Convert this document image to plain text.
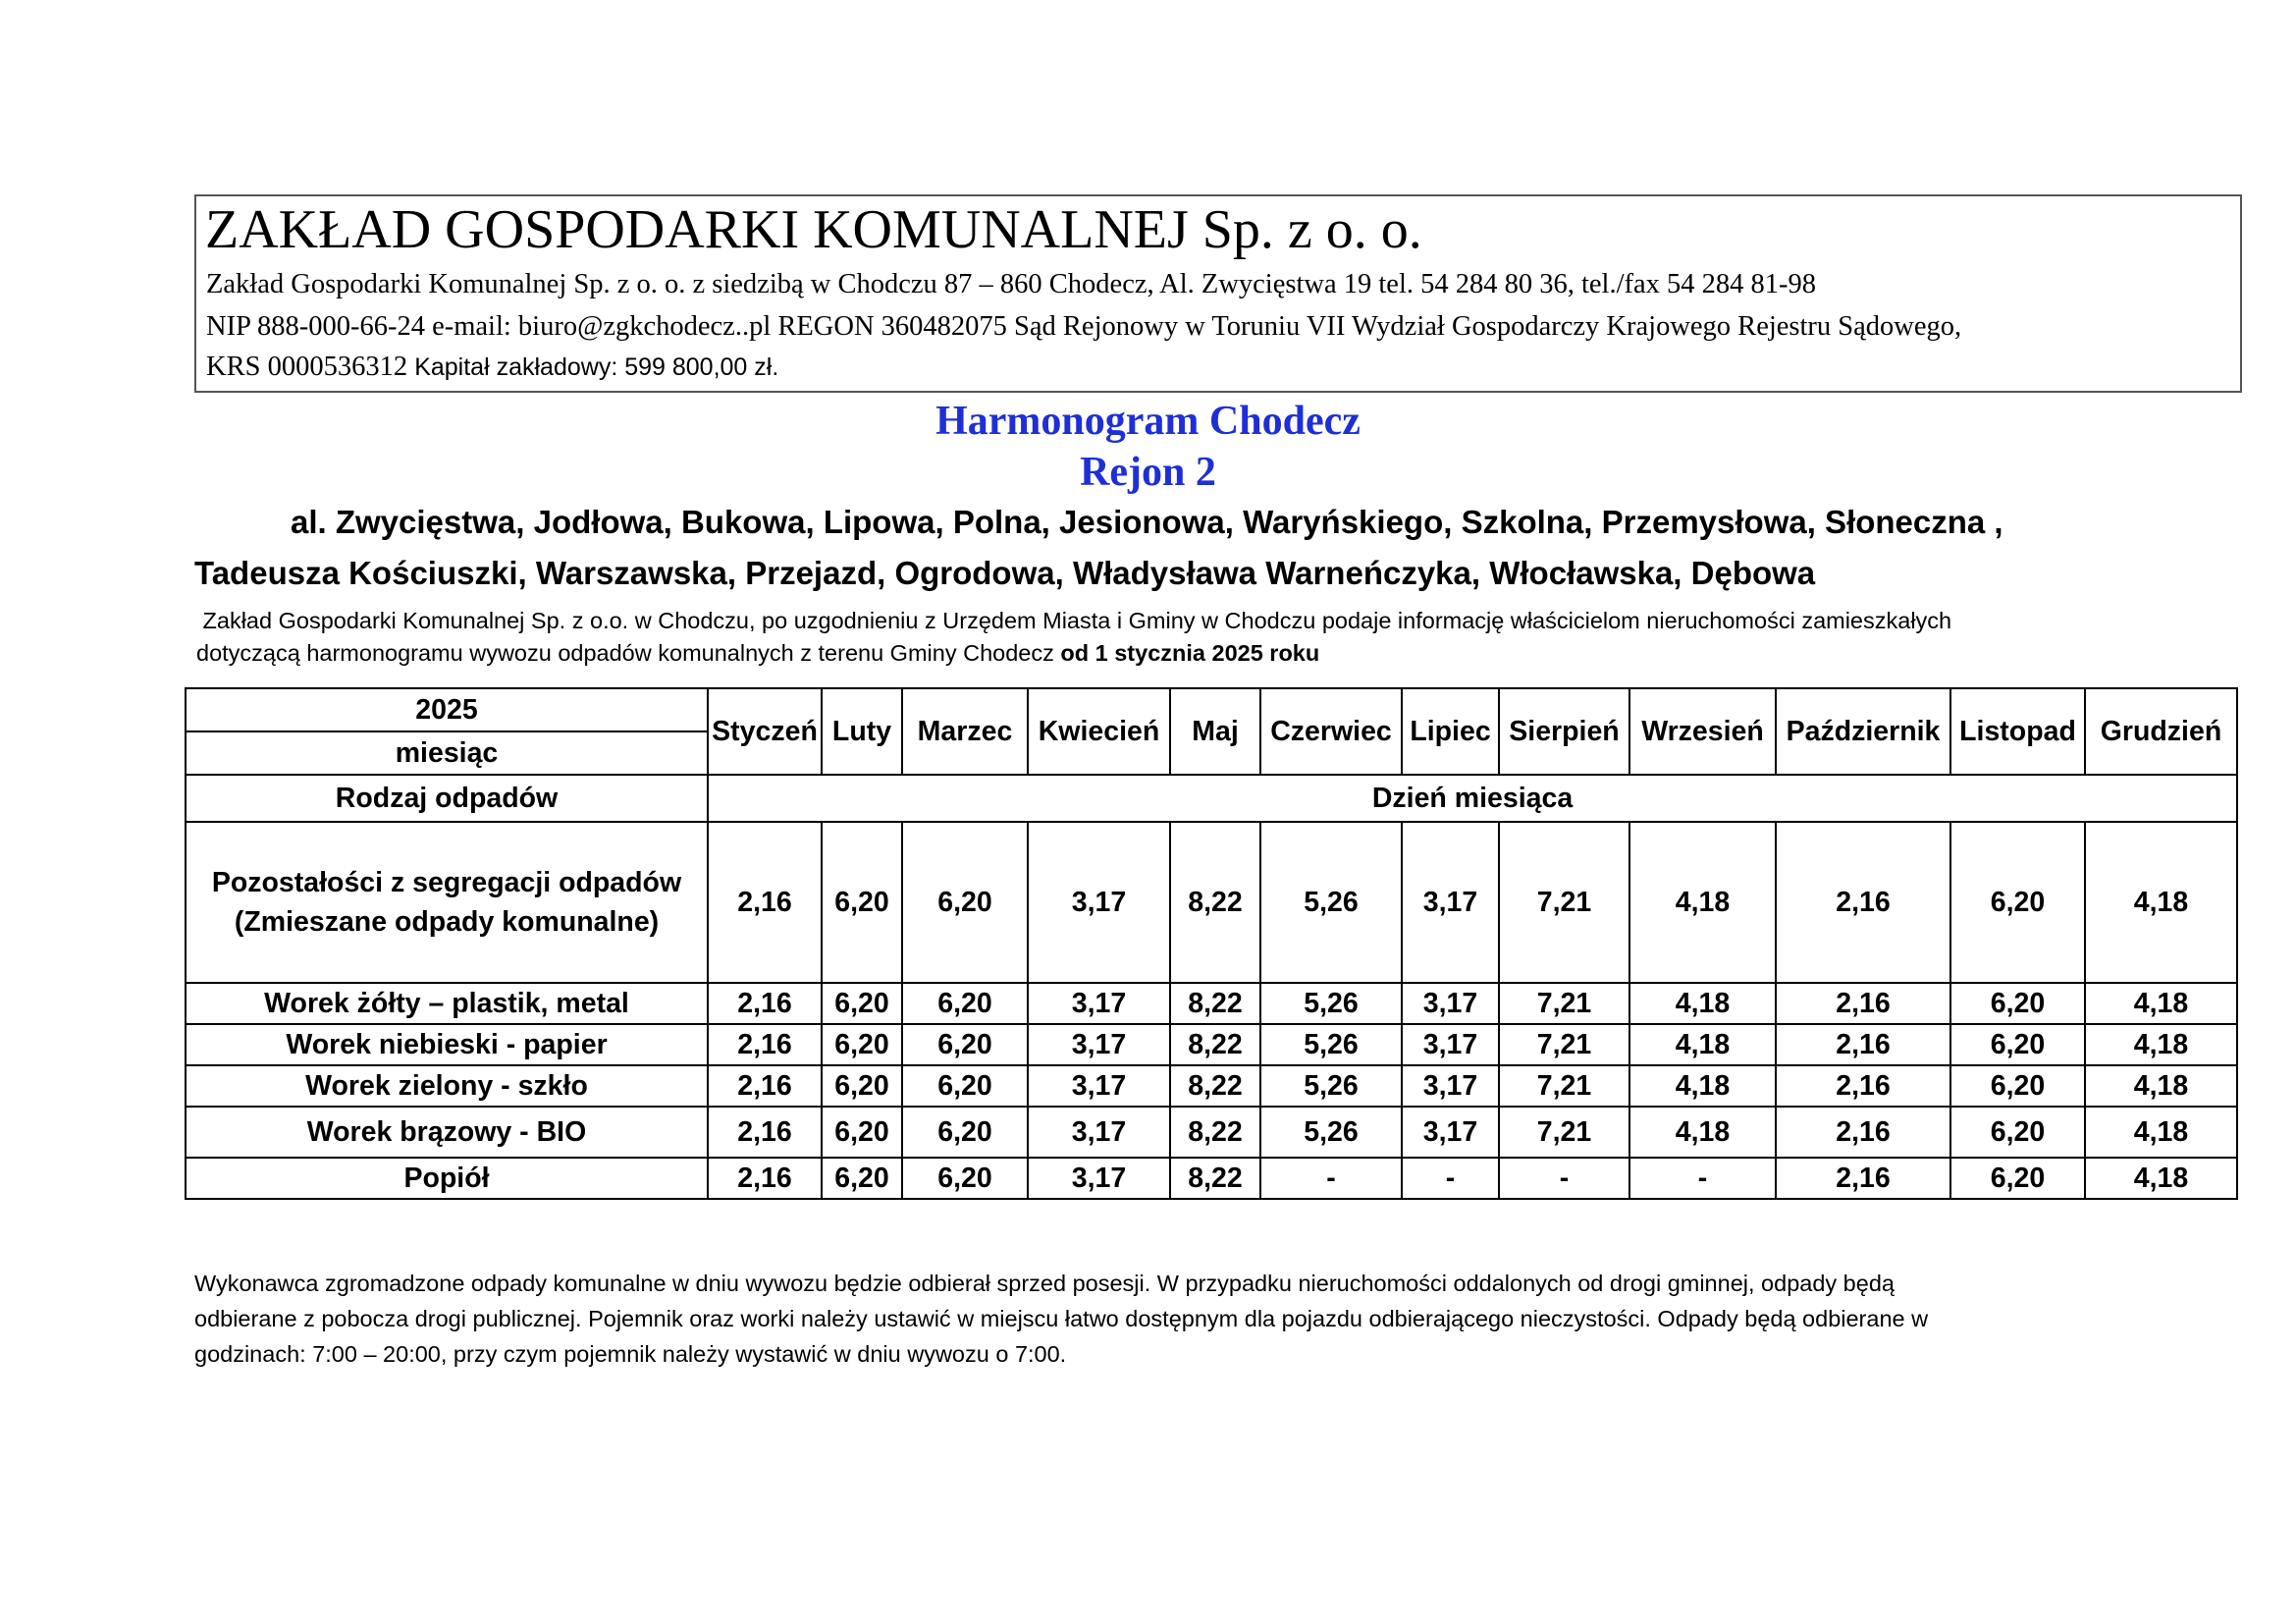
ZAKŁAD GOSPODARKI KOMUNALNEJ Sp. z o. o.
Zakład Gospodarki Komunalnej Sp. z o. o. z siedzibą w Chodczu 87 – 860 Chodecz, Al. Zwycięstwa 19 tel. 54 284 80 36, tel./fax 54 284 81-98
NIP 888-000-66-24 e-mail: biuro@zgkchodecz..pl REGON 360482075 Sąd Rejonowy w Toruniu VII Wydział Gospodarczy Krajowego Rejestru Sądowego,
KRS 0000536312 Kapitał zakładowy: 599 800,00 zł.
Harmonogram Chodecz
Rejon 2
al. Zwycięstwa, Jodłowa, Bukowa, Lipowa, Polna, Jesionowa, Waryńskiego, Szkolna, Przemysłowa, Słoneczna ,
Tadeusza Kościuszki, Warszawska, Przejazd, Ogrodowa, Władysława Warneńczyka, Włocławska, Dębowa
Zakład Gospodarki Komunalnej Sp. z o.o. w Chodczu, po uzgodnieniu z Urzędem Miasta i Gminy w Chodczu podaje informację właścicielom nieruchomości zamieszkałych
dotyczącą harmonogramu wywozu odpadów komunalnych z terenu Gminy Chodecz od 1 stycznia 2025 roku
2025	Styczeń	Luty	Marzec	Kwiecień	Maj	Czerwiec	Lipiec	Sierpień	Wrzesień	Październik	Listopad	Grudzień
miesiąc												
Rodzaj odpadów	Dzień miesiąca											
Pozostałości z segregacji odpadów
(Zmieszane odpady komunalne)	2,16	6,20	6,20	3,17	8,22	5,26	3,17	7,21	4,18	2,16	6,20	4,18
Worek żółty – plastik, metal	2,16	6,20	6,20	3,17	8,22	5,26	3,17	7,21	4,18	2,16	6,20	4,18
Worek niebieski - papier	2,16	6,20	6,20	3,17	8,22	5,26	3,17	7,21	4,18	2,16	6,20	4,18
Worek zielony - szkło	2,16	6,20	6,20	3,17	8,22	5,26	3,17	7,21	4,18	2,16	6,20	4,18
Worek brązowy - BIO	2,16	6,20	6,20	3,17	8,22	5,26	3,17	7,21	4,18	2,16	6,20	4,18
Popiół	2,16	6,20	6,20	3,17	8,22	-	-	-	-	2,16	6,20	4,18
Wykonawca zgromadzone odpady komunalne w dniu wywozu będzie odbierał sprzed posesji. W przypadku nieruchomości oddalonych od drogi gminnej, odpady będą
odbierane z pobocza drogi publicznej. Pojemnik oraz worki należy ustawić w miejscu łatwo dostępnym dla pojazdu odbierającego nieczystości. Odpady będą odbierane w
godzinach: 7:00 – 20:00, przy czym pojemnik należy wystawić w dniu wywozu o 7:00.
